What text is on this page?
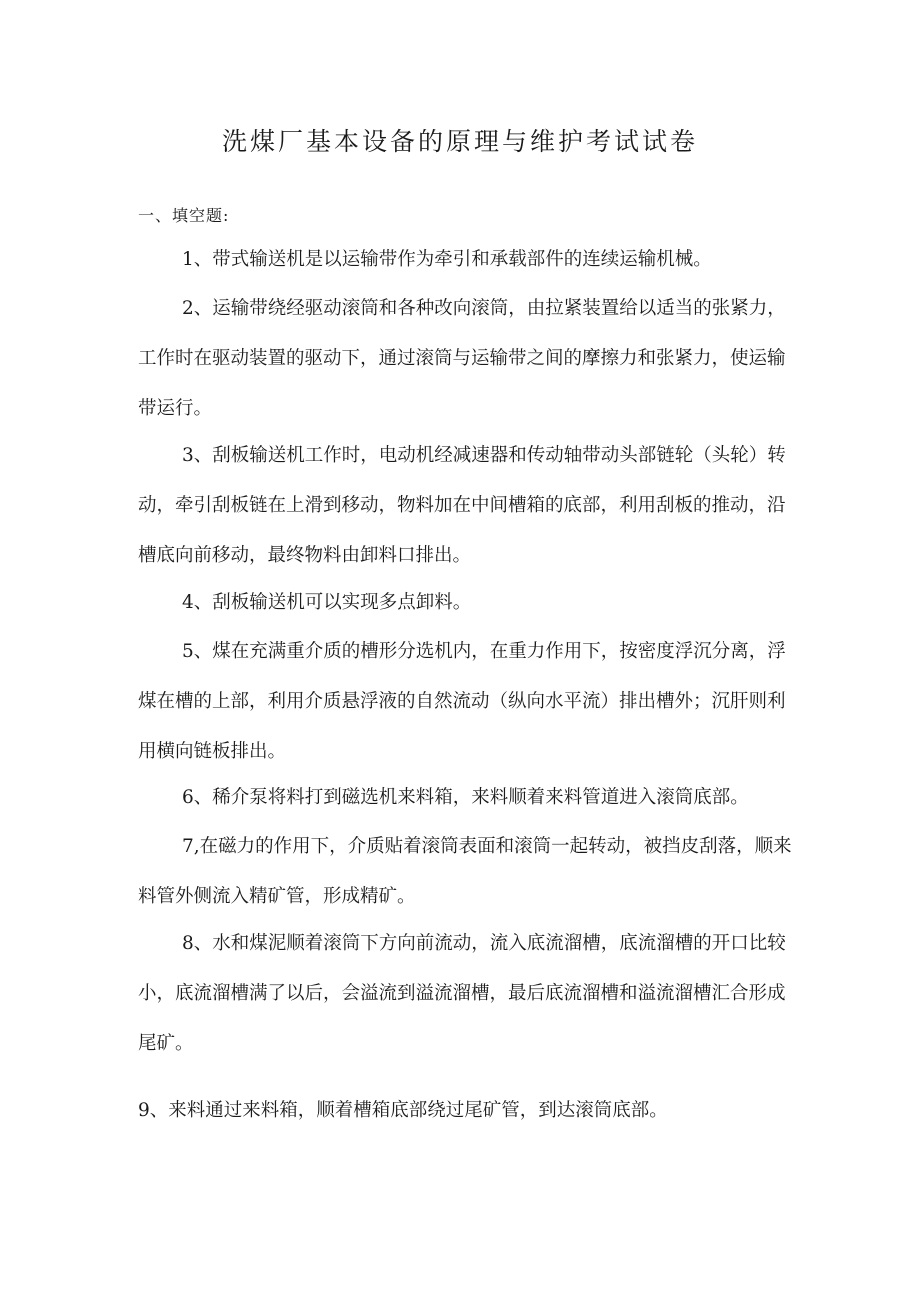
洗煤厂基本设备的原理与维护考试试卷
一、填空题:

1、带式输送机是以运输带作为牵引和承载部件的连续运输机械。

2、运输带绕经驱动滚筒和各种改向滚筒，由拉紧装置给以适当的张紧力，工作时在驱动装置的驱动下，通过滚筒与运输带之间的摩擦力和张紧力，使运输带运行。

3、刮板输送机工作时，电动机经减速器和传动轴带动头部链轮（头轮）转动，牵引刮板链在上滑到移动，物料加在中间槽箱的底部，利用刮板的推动，沿槽底向前移动，最终物料由卸料口排出。

4、刮板输送机可以实现多点卸料。

5、煤在充满重介质的槽形分选机内，在重力作用下，按密度浮沉分离，浮煤在槽的上部，利用介质悬浮液的自然流动（纵向水平流）排出槽外；沉肝则利用横向链板排出。

6、稀介泵将料打到磁选机来料箱，来料顺着来料管道进入滚筒底部。

7,在磁力的作用下，介质贴着滚筒表面和滚筒一起转动，被挡皮刮落，顺来料管外侧流入精矿管，形成精矿。

8、水和煤泥顺着滚筒下方向前流动，流入底流溜槽，底流溜槽的开口比较小，底流溜槽满了以后，会溢流到溢流溜槽，最后底流溜槽和溢流溜槽汇合形成尾矿。

9、来料通过来料箱，顺着槽箱底部绕过尾矿管，到达滚筒底部。
